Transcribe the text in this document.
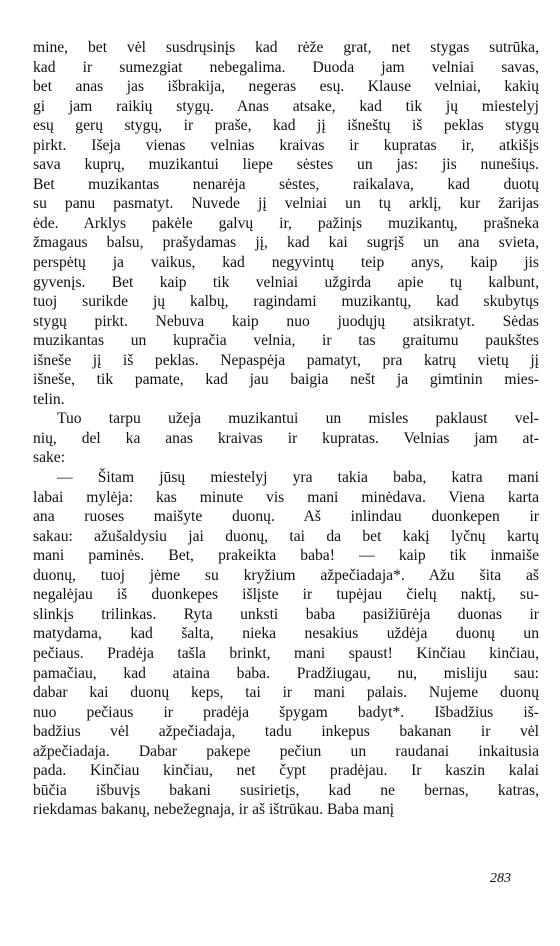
mine, bet vėl susdrųsinįs kad rėže grat, net stygas sutrūka,
kad ir sumezgiat nebegalima. Duoda jam velniai savas,
bet anas jas išbrakija, negeras esų. Klause velniai, kakių
gi jam raikių stygų. Anas atsake, kad tik jų miestelyj
esų gerų stygų, ir praše, kad jį išneštų iš peklas stygų
pirkt. Išeja vienas velnias kraivas ir kupratas ir, atkišįs
sava kuprų, muzikantui liepe sėstes un jas: jis nunešiųs.
Bet muzikantas nenarėja sėstes, raikalava, kad duotų
su panu pasmatyt. Nuvede jį velniai un tų arklį, kur žarijas
ėde. Arklys pakėle galvų ir, pažinįs muzikantų, prašneka
žmagaus balsu, prašydamas jį, kad kai sugrįš un ana svieta,
perspėtų ja vaikus, kad negyvintų teip anys, kaip jis
gyvenįs. Bet kaip tik velniai užgirda apie tų kalbunt,
tuoj surikde jų kalbų, ragindami muzikantų, kad skubytųs
stygų pirkt. Nebuva kaip nuo juodųjų atsikratyt. Sėdas
muzikantas un kupračia velnia, ir tas graitumu paukštes
išneše jį iš peklas. Nepaspėja pamatyt, pra katrų vietų jį
išneše, tik pamate, kad jau baigia nešt ja gimtinin mies-
telin.

Tuo tarpu užeja muzikantui un misles paklaust vel-
nių, del ka anas kraivas ir kupratas. Velnias jam at-
sake:

— Šitam jūsų miestelyj yra takia baba, katra mani
labai mylėja: kas minute vis mani minėdava. Viena karta
ana ruoses maišyte duonų. Aš inlindau duonkepen ir
sakau: ažušaldysiu jai duonų, tai da bet kakį lyčnų kartų
mani paminės. Bet, prakeikta baba! — kaip tik inmaiše
duonų, tuoj jėme su kryžium ažpečiadaja*. Ažu šita aš
negalėjau iš duonkepes išlįste ir tupėjau čielų naktį, su-
slinkįs trilinkas. Ryta unksti baba pasižiūrėja duonas ir
matydama, kad šalta, nieka nesakius uždėja duonų un
pečiaus. Pradėja tašla brinkt, mani spaust! Kinčiau kinčiau,
pamačiau, kad ataina baba. Pradžiugau, nu, misliju sau:
dabar kai duonų keps, tai ir mani palais. Nujeme duonų
nuo pečiaus ir pradėja špygam badyt*. Išbadžius iš-
badžius vėl ažpečiadaja, tadu inkepus bakanan ir vėl
ažpečiadaja. Dabar pakepe pečiun un raudanai inkaitusia
pada. Kinčiau kinčiau, net čypt pradėjau. Ir kaszin kalai
būčia išbuvįs bakani susirietįs, kad ne bernas, katras,
riekdamas bakanų, nebežegnaja, ir aš ištrūkau. Baba manį

283
